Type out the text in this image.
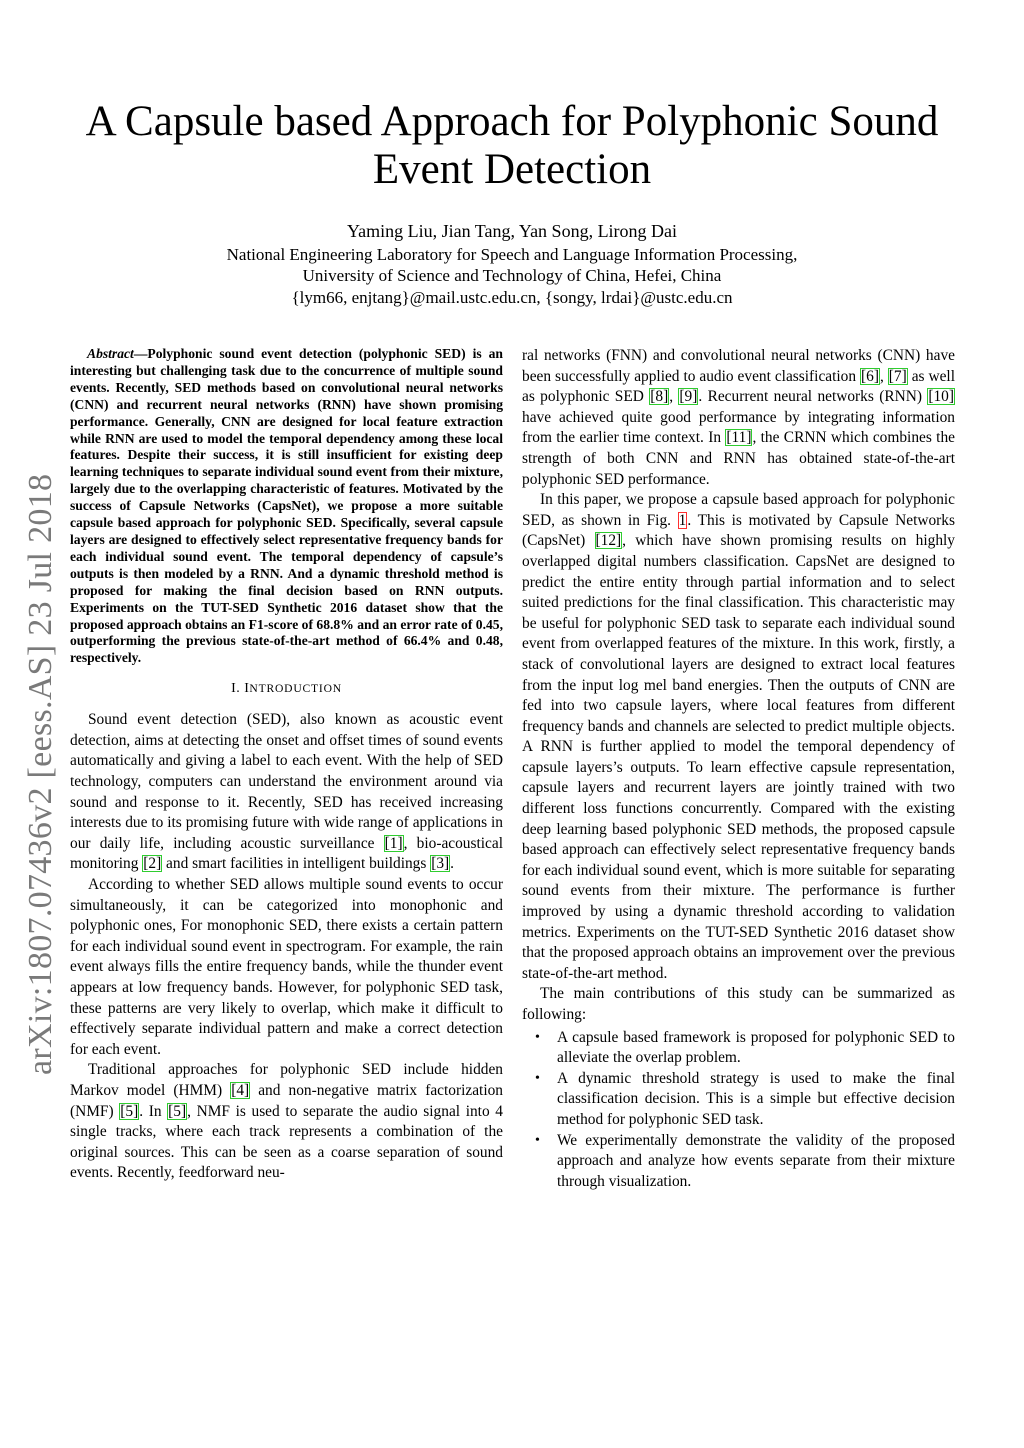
arXiv:1807.07436v2 [eess.AS] 23 Jul 2018
A Capsule based Approach for Polyphonic Sound Event Detection
Yaming Liu, Jian Tang, Yan Song, Lirong Dai
National Engineering Laboratory for Speech and Language Information Processing,
University of Science and Technology of China, Hefei, China
{lym66, enjtang}@mail.ustc.edu.cn, {songy, lrdai}@ustc.edu.cn

Abstract—Polyphonic sound event detection (polyphonic SED) is an interesting but challenging task due to the concurrence of multiple sound events. Recently, SED methods based on convolutional neural networks (CNN) and recurrent neural networks (RNN) have shown promising performance. Generally, CNN are designed for local feature extraction while RNN are used to model the temporal dependency among these local features. Despite their success, it is still insufficient for existing deep learning techniques to separate individual sound event from their mixture, largely due to the overlapping characteristic of features. Motivated by the success of Capsule Networks (CapsNet), we propose a more suitable capsule based approach for polyphonic SED. Specifically, several capsule layers are designed to effectively select representative frequency bands for each individual sound event. The temporal dependency of capsule’s outputs is then modeled by a RNN. And a dynamic threshold method is proposed for making the final decision based on RNN outputs. Experiments on the TUT-SED Synthetic 2016 dataset show that the proposed approach obtains an F1-score of 68.8% and an error rate of 0.45, outperforming the previous state-of-the-art method of 66.4% and 0.48, respectively.

I. INTRODUCTION

Sound event detection (SED), also known as acoustic event detection, aims at detecting the onset and offset times of sound events automatically and giving a label to each event. With the help of SED technology, computers can understand the environment around via sound and response to it. Recently, SED has received increasing interests due to its promising future with wide range of applications in our daily life, including acoustic surveillance [1], bio-acoustical monitoring [2] and smart facilities in intelligent buildings [3].

According to whether SED allows multiple sound events to occur simultaneously, it can be categorized into monophonic and polyphonic ones, For monophonic SED, there exists a certain pattern for each individual sound event in spectrogram. For example, the rain event always fills the entire frequency bands, while the thunder event appears at low frequency bands. However, for polyphonic SED task, these patterns are very likely to overlap, which make it difficult to effectively separate individual pattern and make a correct detection for each event.

Traditional approaches for polyphonic SED include hidden Markov model (HMM) [4] and non-negative matrix factorization (NMF) [5]. In [5], NMF is used to separate the audio signal into 4 single tracks, where each track represents a combination of the original sources. This can be seen as a coarse separation of sound events. Recently, feedforward neu-

ral networks (FNN) and convolutional neural networks (CNN) have been successfully applied to audio event classification [6], [7] as well as polyphonic SED [8], [9]. Recurrent neural networks (RNN) [10] have achieved quite good performance by integrating information from the earlier time context. In [11], the CRNN which combines the strength of both CNN and RNN has obtained state-of-the-art polyphonic SED performance.

In this paper, we propose a capsule based approach for polyphonic SED, as shown in Fig. 1. This is motivated by Capsule Networks (CapsNet) [12], which have shown promising results on highly overlapped digital numbers classification. CapsNet are designed to predict the entire entity through partial information and to select suited predictions for the final classification. This characteristic may be useful for polyphonic SED task to separate each individual sound event from overlapped features of the mixture. In this work, firstly, a stack of convolutional layers are designed to extract local features from the input log mel band energies. Then the outputs of CNN are fed into two capsule layers, where local features from different frequency bands and channels are selected to predict multiple objects. A RNN is further applied to model the temporal dependency of capsule layers’s outputs. To learn effective capsule representation, capsule layers and recurrent layers are jointly trained with two different loss functions concurrently. Compared with the existing deep learning based polyphonic SED methods, the proposed capsule based approach can effectively select representative frequency bands for each individual sound event, which is more suitable for separating sound events from their mixture. The performance is further improved by using a dynamic threshold according to validation metrics. Experiments on the TUT-SED Synthetic 2016 dataset show that the proposed approach obtains an improvement over the previous state-of-the-art method.

The main contributions of this study can be summarized as following:

• A capsule based framework is proposed for polyphonic SED to alleviate the overlap problem.
• A dynamic threshold strategy is used to make the final classification decision. This is a simple but effective decision method for polyphonic SED task.
• We experimentally demonstrate the validity of the proposed approach and analyze how events separate from their mixture through visualization.
